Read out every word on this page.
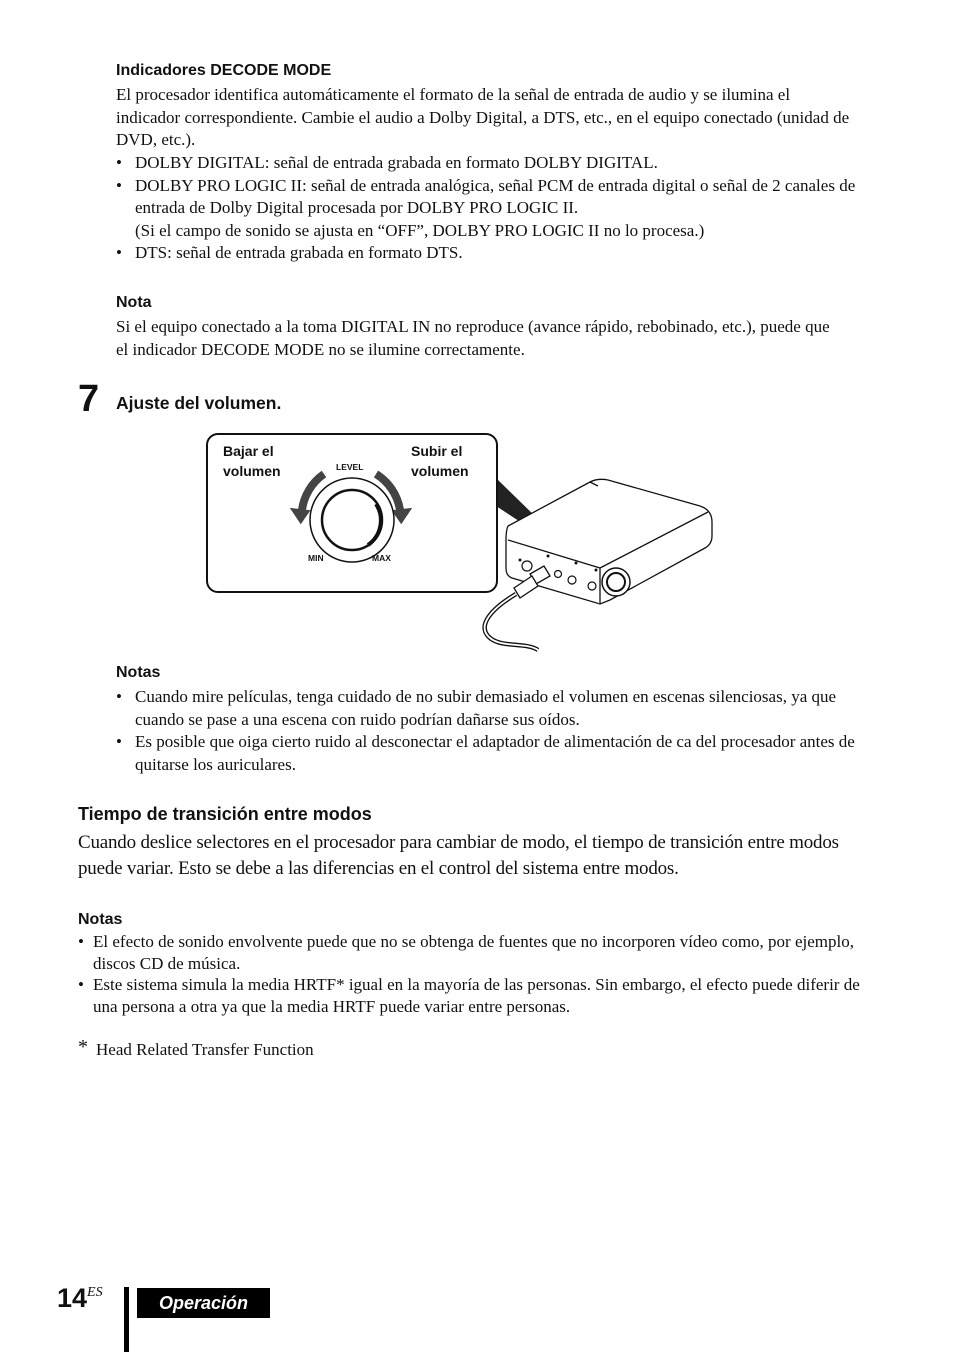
Indicadores DECODE MODE
El procesador identifica automáticamente el formato de la señal de entrada de audio y se ilumina el indicador correspondiente. Cambie el audio a Dolby Digital, a DTS, etc., en el equipo conectado (unidad de DVD, etc.).
• DOLBY DIGITAL: señal de entrada grabada en formato DOLBY DIGITAL.
• DOLBY PRO LOGIC II: señal de entrada analógica, señal PCM de entrada digital o señal de 2 canales de entrada de Dolby Digital procesada por DOLBY PRO LOGIC II.
(Si el campo de sonido se ajusta en “OFF”, DOLBY PRO LOGIC II no lo procesa.)
• DTS: señal de entrada grabada en formato DTS.
Nota
Si el equipo conectado a la toma DIGITAL IN no reproduce (avance rápido, rebobinado, etc.), puede que el indicador DECODE MODE no se ilumine correctamente.
7 Ajuste del volumen.
Bajar el
volumen
Subir el
volumen
LEVEL
MIN	MAX
Notas
• Cuando mire películas, tenga cuidado de no subir demasiado el volumen en escenas silenciosas, ya que cuando se pase a una escena con ruido podrían dañarse sus oídos.
• Es posible que oiga cierto ruido al desconectar el adaptador de alimentación de ca del procesador antes de quitarse los auriculares.
Tiempo de transición entre modos
Cuando deslice selectores en el procesador para cambiar de modo, el tiempo de transición entre modos puede variar. Esto se debe a las diferencias en el control del sistema entre modos.
Notas
• El efecto de sonido envolvente puede que no se obtenga de fuentes que no incorporen vídeo como, por ejemplo, discos CD de música.
• Este sistema simula la media HRTF* igual en la mayoría de las personas. Sin embargo, el efecto puede diferir de una persona a otra ya que la media HRTF puede variar entre personas.
* Head Related Transfer Function
$14^{ES}$
Operación
